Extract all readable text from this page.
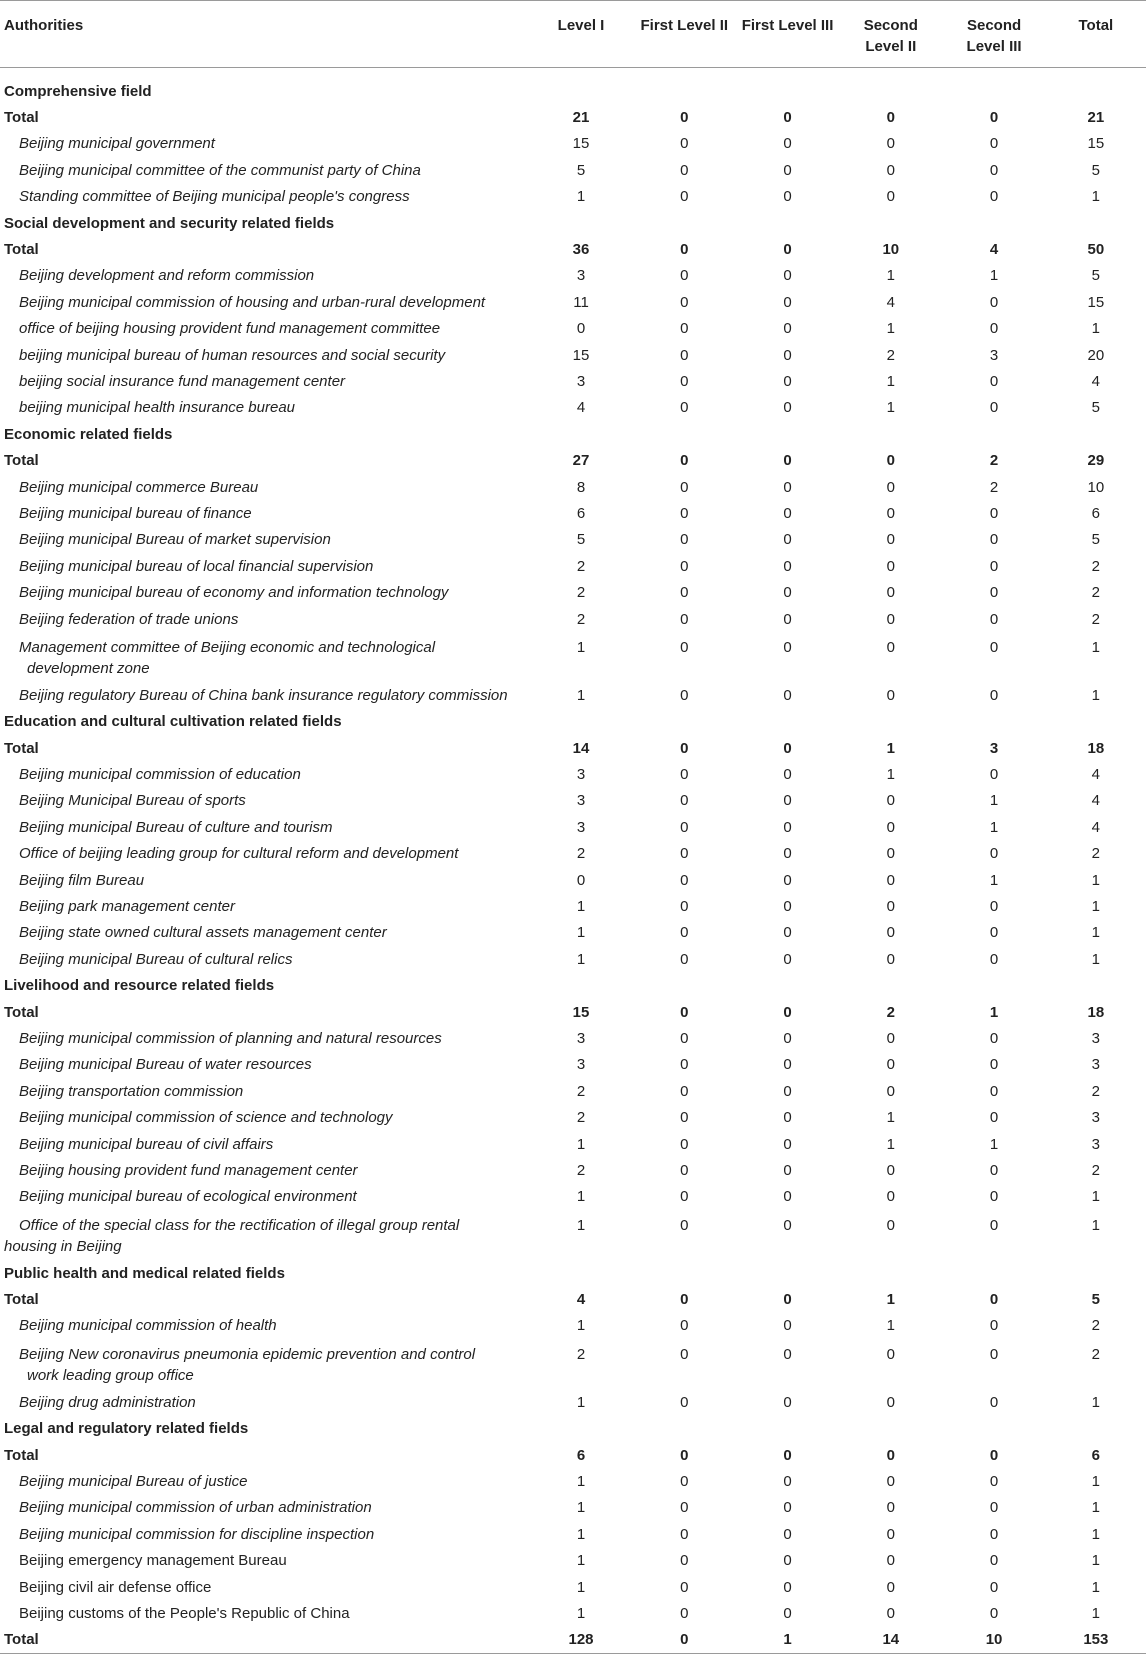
Authorities	Level I	First Level II	First Level III	Second Level II	Second Level III	Total

Comprehensive field						
Total	21	0	0	0	0	21
Beijing municipal government	15	0	0	0	0	15
Beijing municipal committee of the communist party of China	5	0	0	0	0	5
Standing committee of Beijing municipal people's congress	1	0	0	0	0	1
Social development and security related fields						
Total	36	0	0	10	4	50
Beijing development and reform commission	3	0	0	1	1	5
Beijing municipal commission of housing and urban-rural development	11	0	0	4	0	15
office of beijing housing provident fund management committee	0	0	0	1	0	1
beijing municipal bureau of human resources and social security	15	0	0	2	3	20
beijing social insurance fund management center	3	0	0	1	0	4
beijing municipal health insurance bureau	4	0	0	1	0	5
Economic related fields						
Total	27	0	0	0	2	29
Beijing municipal commerce Bureau	8	0	0	0	2	10
Beijing municipal bureau of finance	6	0	0	0	0	6
Beijing municipal Bureau of market supervision	5	0	0	0	0	5
Beijing municipal bureau of local financial supervision	2	0	0	0	0	2
Beijing municipal bureau of economy and information technology	2	0	0	0	0	2
Beijing federation of trade unions	2	0	0	0	0	2
Management committee of Beijing economic and technological
development zone	1	0	0	0	0	1
Beijing regulatory Bureau of China bank insurance regulatory commission	1	0	0	0	0	1
Education and cultural cultivation related fields						
Total	14	0	0	1	3	18
Beijing municipal commission of education	3	0	0	1	0	4
Beijing Municipal Bureau of sports	3	0	0	0	1	4
Beijing municipal Bureau of culture and tourism	3	0	0	0	1	4
Office of beijing leading group for cultural reform and development	2	0	0	0	0	2
Beijing film Bureau	0	0	0	0	1	1
Beijing park management center	1	0	0	0	0	1
Beijing state owned cultural assets management center	1	0	0	0	0	1
Beijing municipal Bureau of cultural relics	1	0	0	0	0	1
Livelihood and resource related fields						
Total	15	0	0	2	1	18
Beijing municipal commission of planning and natural resources	3	0	0	0	0	3
Beijing municipal Bureau of water resources	3	0	0	0	0	3
Beijing transportation commission	2	0	0	0	0	2
Beijing municipal commission of science and technology	2	0	0	1	0	3
Beijing municipal bureau of civil affairs	1	0	0	1	1	3
Beijing housing provident fund management center	2	0	0	0	0	2
Beijing municipal bureau of ecological environment	1	0	0	0	0	1
Office of the special class for the rectification of illegal group rental
housing in Beijing	1	0	0	0	0	1
Public health and medical related fields						
Total	4	0	0	1	0	5
Beijing municipal commission of health	1	0	0	1	0	2
Beijing New coronavirus pneumonia epidemic prevention and control
work leading group office	2	0	0	0	0	2
Beijing drug administration	1	0	0	0	0	1
Legal and regulatory related fields						
Total	6	0	0	0	0	6
Beijing municipal Bureau of justice	1	0	0	0	0	1
Beijing municipal commission of urban administration	1	0	0	0	0	1
Beijing municipal commission for discipline inspection	1	0	0	0	0	1
Beijing emergency management Bureau	1	0	0	0	0	1
Beijing civil air defense office	1	0	0	0	0	1
Beijing customs of the People's Republic of China	1	0	0	0	0	1
Total	128	0	1	14	10	153
